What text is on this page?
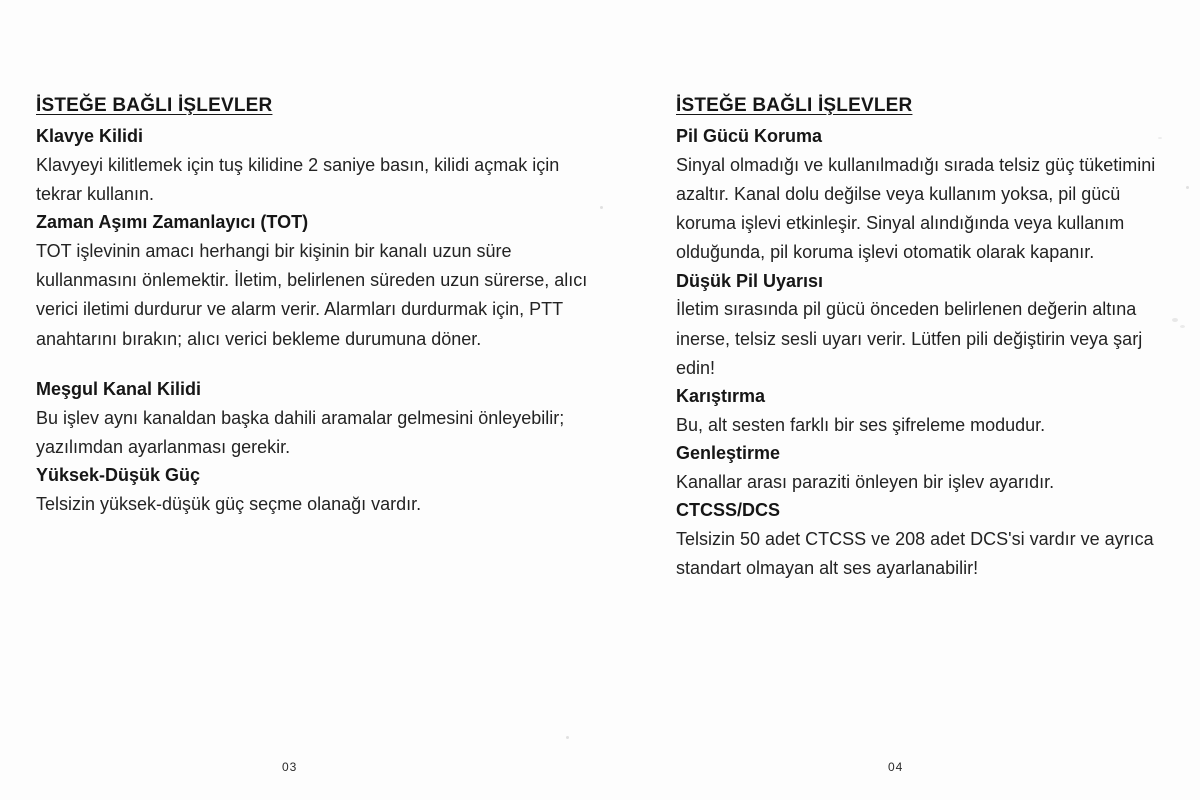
İSTEĞE BAĞLI İŞLEVLER
Klavye Kilidi

Klavyeyi kilitlemek için tuş kilidine 2 saniye basın, kilidi açmak için tekrar kullanın.

Zaman Aşımı Zamanlayıcı (TOT)

TOT işlevinin amacı herhangi bir kişinin bir kanalı uzun süre kullanmasını önlemektir. İletim, belirlenen süreden uzun sürerse, alıcı verici iletimi durdurur ve alarm verir. Alarmları durdurmak için, PTT anahtarını bırakın; alıcı verici bekleme durumuna döner.

Meşgul Kanal Kilidi

Bu işlev aynı kanaldan başka dahili aramalar gelmesini önleyebilir; yazılımdan ayarlanması gerekir.

Yüksek-Düşük Güç

Telsizin yüksek-düşük güç seçme olanağı vardır.

İSTEĞE BAĞLI İŞLEVLER
Pil Gücü Koruma

Sinyal olmadığı ve kullanılmadığı sırada telsiz güç tüketimini azaltır. Kanal dolu değilse veya kullanım yoksa, pil gücü koruma işlevi etkinleşir. Sinyal alındığında veya kullanım olduğunda, pil koruma işlevi otomatik olarak kapanır.

Düşük Pil Uyarısı

İletim sırasında pil gücü önceden belirlenen değerin altına inerse, telsiz sesli uyarı verir. Lütfen pili değiştirin veya şarj edin!

Karıştırma

Bu, alt sesten farklı bir ses şifreleme modudur.

Genleştirme

Kanallar arası paraziti önleyen bir işlev ayarıdır.

CTCSS/DCS

Telsizin 50 adet CTCSS ve 208 adet DCS'si vardır ve ayrıca standart olmayan alt ses ayarlanabilir!

03	04
